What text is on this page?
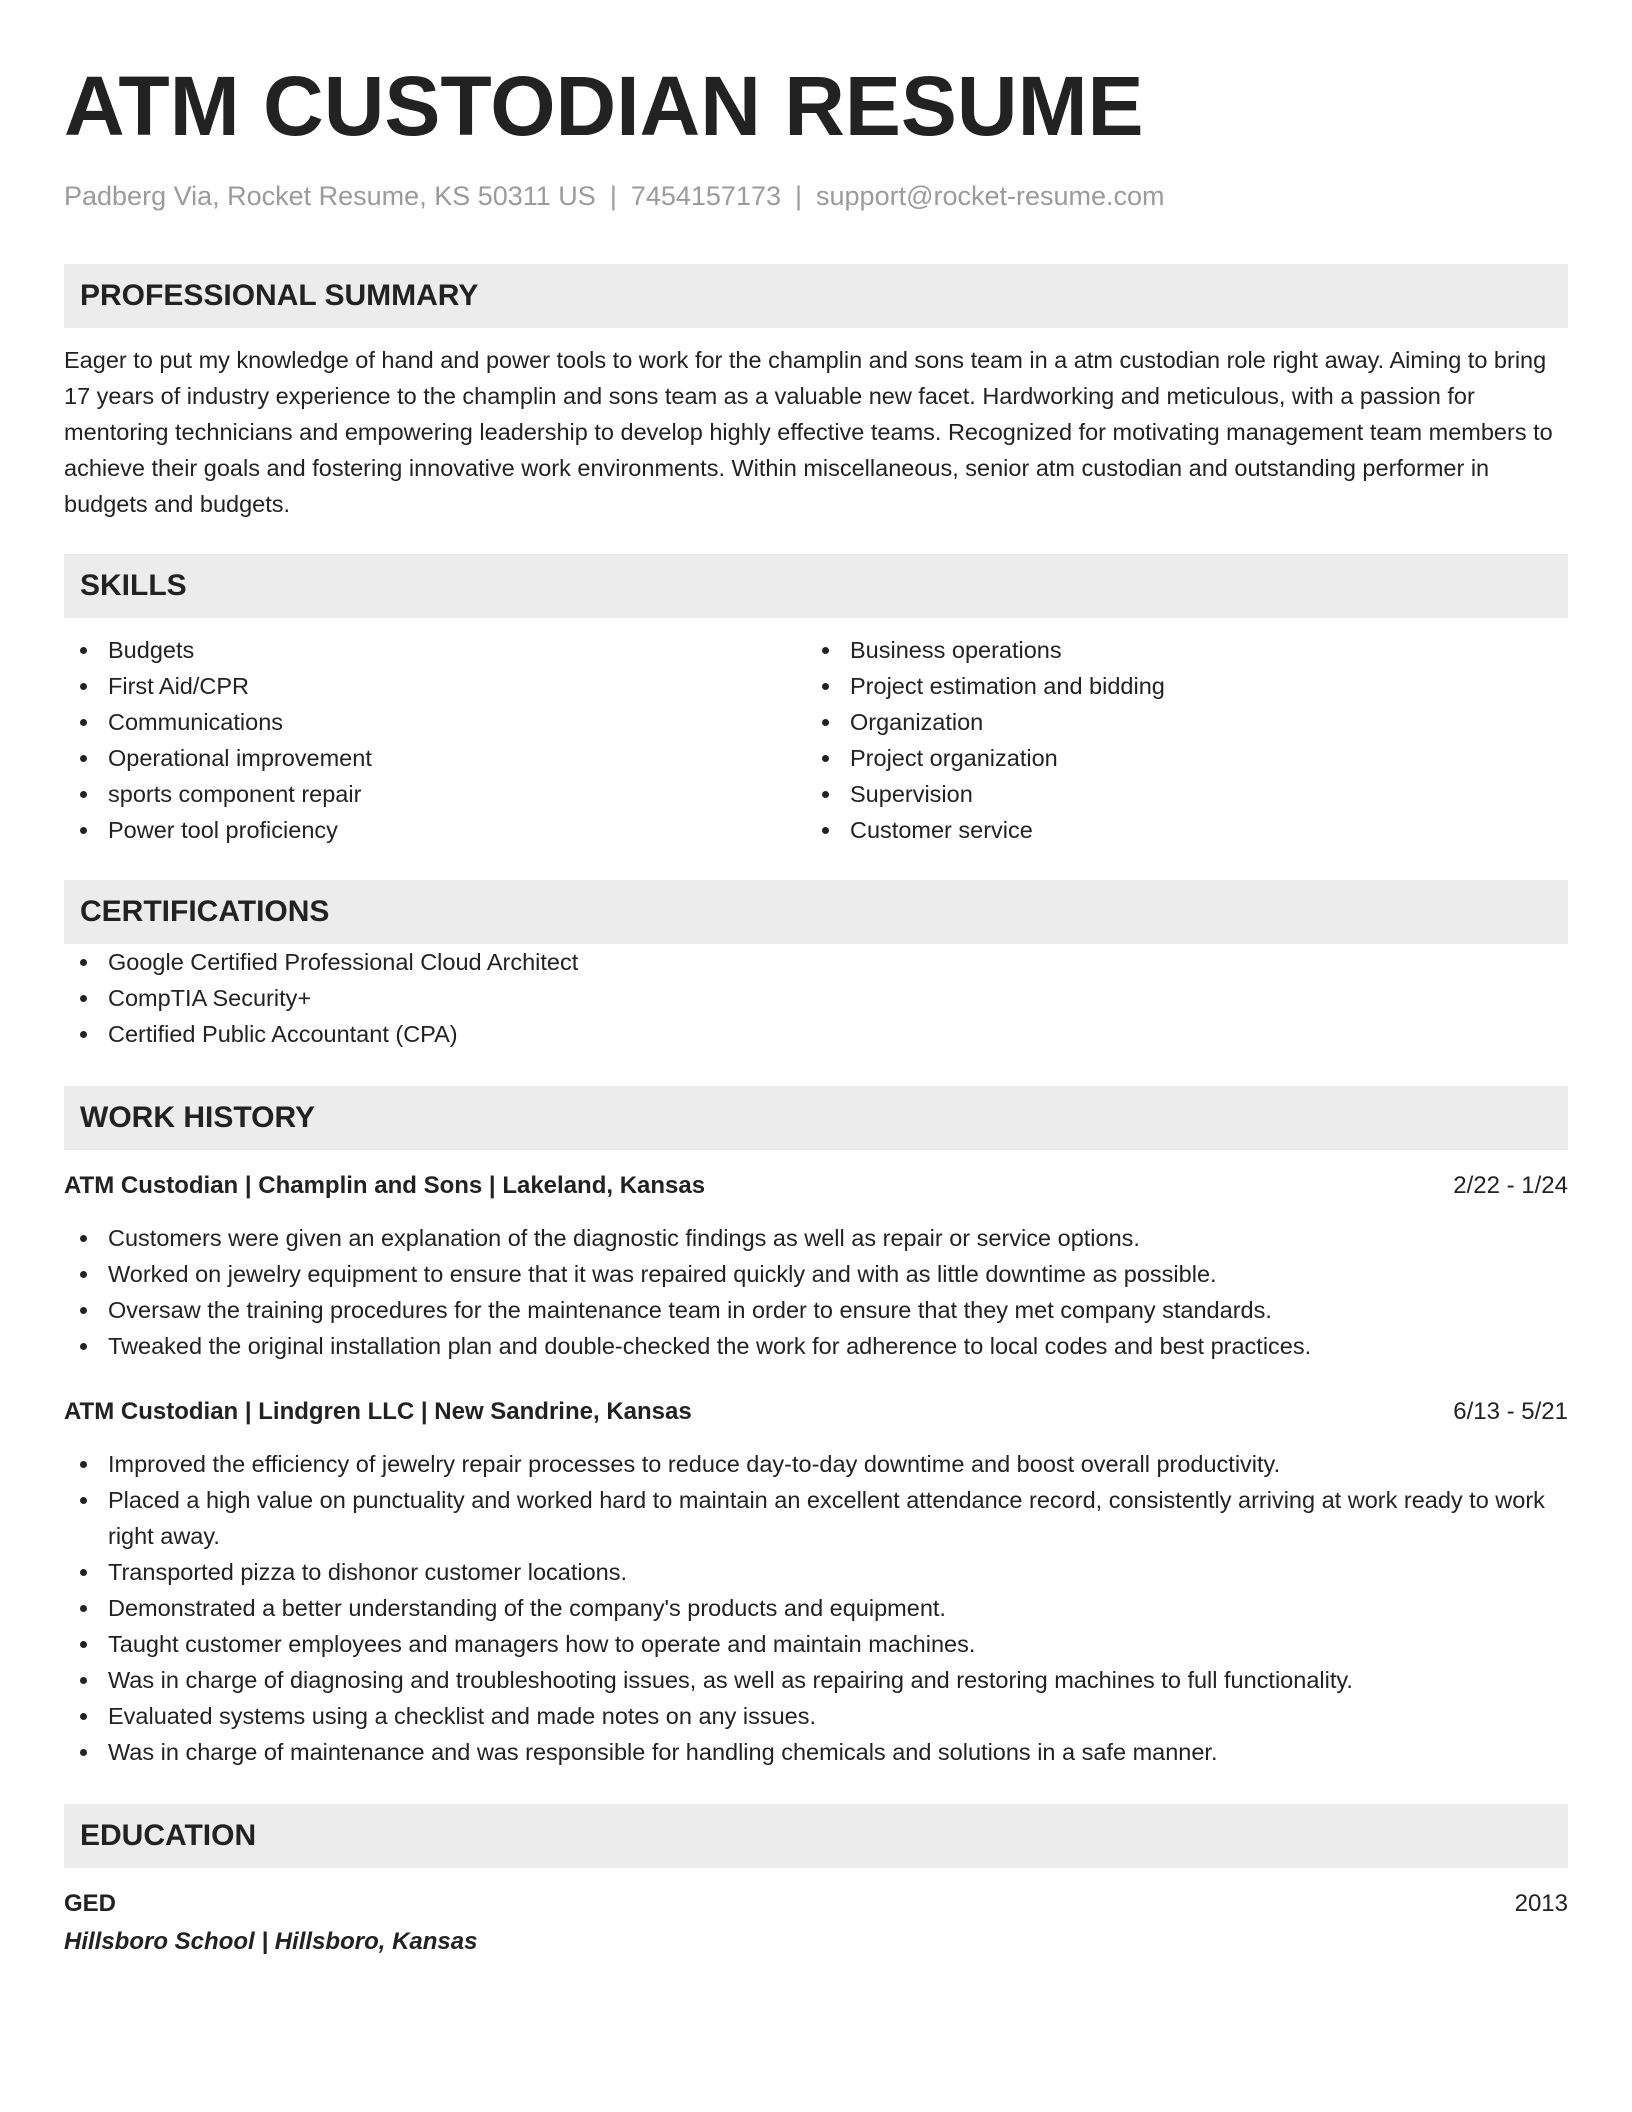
ATM CUSTODIAN RESUME
Padberg Via, Rocket Resume, KS 50311 US | 7454157173 | support@rocket-resume.com
PROFESSIONAL SUMMARY

Eager to put my knowledge of hand and power tools to work for the champlin and sons team in a atm custodian role right away. Aiming to bring 17 years of industry experience to the champlin and sons team as a valuable new facet. Hardworking and meticulous, with a passion for mentoring technicians and empowering leadership to develop highly effective teams. Recognized for motivating management team members to achieve their goals and fostering innovative work environments. Within miscellaneous, senior atm custodian and outstanding performer in budgets and budgets.

SKILLS
Budgets
First Aid/CPR
Communications
Operational improvement
sports component repair
Power tool proficiency
Business operations
Project estimation and bidding
Organization
Project organization
Supervision
Customer service
CERTIFICATIONS
Google Certified Professional Cloud Architect
CompTIA Security+
Certified Public Accountant (CPA)
WORK HISTORY
ATM Custodian | Champlin and Sons | Lakeland, Kansas	2/22 - 1/24
Customers were given an explanation of the diagnostic findings as well as repair or service options.
Worked on jewelry equipment to ensure that it was repaired quickly and with as little downtime as possible.
Oversaw the training procedures for the maintenance team in order to ensure that they met company standards.
Tweaked the original installation plan and double-checked the work for adherence to local codes and best practices.
ATM Custodian | Lindgren LLC | New Sandrine, Kansas	6/13 - 5/21
Improved the efficiency of jewelry repair processes to reduce day-to-day downtime and boost overall productivity.
Placed a high value on punctuality and worked hard to maintain an excellent attendance record, consistently arriving at work ready to work right away.
Transported pizza to dishonor customer locations.
Demonstrated a better understanding of the company's products and equipment.
Taught customer employees and managers how to operate and maintain machines.
Was in charge of diagnosing and troubleshooting issues, as well as repairing and restoring machines to full functionality.
Evaluated systems using a checklist and made notes on any issues.
Was in charge of maintenance and was responsible for handling chemicals and solutions in a safe manner.
EDUCATION
GED	2013
Hillsboro School | Hillsboro, Kansas
